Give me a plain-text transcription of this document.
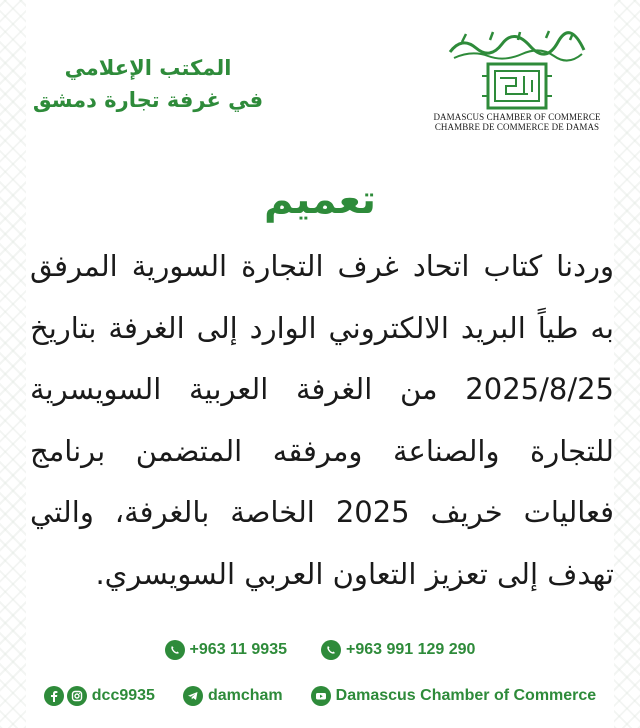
المكتب الإعلامي
في غرفة تجارة دمشق
DAMASCUS CHAMBER OF COMMERCE
CHAMBRE DE COMMERCE DE DAMAS
تعميم
وردنا كتاب اتحاد غرف التجارة السورية المرفق به طياً البريد الالكتروني الوارد إلى الغرفة بتاريخ 2025/8/25 من الغرفة العربية السويسرية للتجارة والصناعة ومرفقه المتضمن برنامج فعاليات خريف 2025 الخاصة بالغرفة، والتي تهدف إلى تعزيز التعاون العربي السويسري.
+963 11 9935	+963 991 129 290
dcc9935	damcham	Damascus Chamber of Commerce
